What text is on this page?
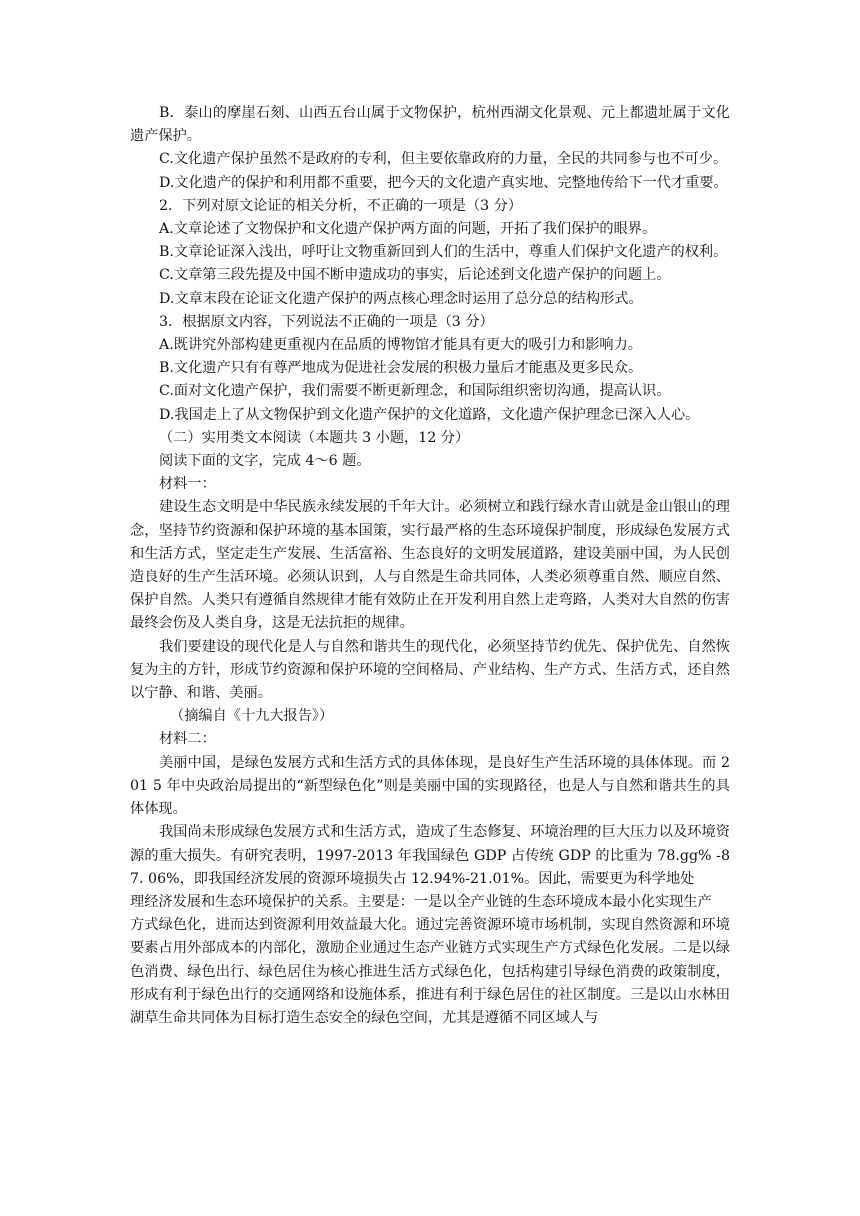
B．泰山的摩崖石刻、山西五台山属于文物保护，杭州西湖文化景观、元上都遗址属于文化遗产保护。

C.文化遗产保护虽然不是政府的专利，但主要依靠政府的力量，全民的共同参与也不可少。

D.文化遗产的保护和利用都不重要，把今天的文化遗产真实地、完整地传给下一代才重要。

2．下列对原文论证的相关分析，不正确的一项是（3 分）

A.文章论述了文物保护和文化遗产保护两方面的问题，开拓了我们保护的眼界。

B.文章论证深入浅出，呼吁让文物重新回到人们的生活中，尊重人们保护文化遗产的权利。

C.文章第三段先提及中国不断申遗成功的事实，后论述到文化遗产保护的问题上。

D.文章末段在论证文化遗产保护的两点核心理念时运用了总分总的结构形式。

3．根据原文内容，下列说法不正确的一项是（3 分）

A.既讲究外部构建更重视内在品质的博物馆才能具有更大的吸引力和影响力。

B.文化遗产只有有尊严地成为促进社会发展的积极力量后才能惠及更多民众。

C.面对文化遗产保护，我们需要不断更新理念，和国际组织密切沟通，提高认识。

D.我国走上了从文物保护到文化遗产保护的文化道路，文化遗产保护理念已深入人心。

（二）实用类文本阅读（本题共 3 小题，12 分）

阅读下面的文字，完成 4～6 题。

材料一：

建设生态文明是中华民族永续发展的千年大计。必须树立和践行绿水青山就是金山银山的理念，坚持节约资源和保护环境的基本国策，实行最严格的生态环境保护制度，形成绿色发展方式和生活方式，坚定走生产发展、生活富裕、生态良好的文明发展道路，建设美丽中国，为人民创造良好的生产生活环境。必须认识到，人与自然是生命共同体，人类必须尊重自然、顺应自然、保护自然。人类只有遵循自然规律才能有效防止在开发利用自然上走弯路，人类对大自然的伤害最终会伤及人类自身，这是无法抗拒的规律。

我们要建设的现代化是人与自然和谐共生的现代化，必须坚持节约优先、保护优先、自然恢复为主的方针，形成节约资源和保护环境的空间格局、产业结构、生产方式、生活方式，还自然以宁静、和谐、美丽。

（摘编自《十九大报告》）

材料二：

美丽中国，是绿色发展方式和生活方式的具体体现，是良好生产生活环境的具体体现。而 201 5 年中央政治局提出的“新型绿色化”则是美丽中国的实现路径，也是人与自然和谐共生的具体体现。

我国尚未形成绿色发展方式和生活方式，造成了生态修复、环境治理的巨大压力以及环境资源的重大损失。有研究表明，1997-2013 年我国绿色 GDP 占传统 GDP 的比重为 78.gg% -87. 06%，即我国经济发展的资源环境损失占 12.94%-21.01%。因此，需要更为科学地处

理经济发展和生态环境保护的关系。主要是：一是以全产业链的生态环境成本最小化实现生产

方式绿色化，进而达到资源利用效益最大化。通过完善资源环境市场机制，实现自然资源和环境要素占用外部成本的内部化，激励企业通过生态产业链方式实现生产方式绿色化发展。二是以绿色消费、绿色出行、绿色居住为核心推进生活方式绿色化，包括构建引导绿色消费的政策制度，形成有利于绿色出行的交通网络和设施体系，推进有利于绿色居住的社区制度。三是以山水林田湖草生命共同体为目标打造生态安全的绿色空间，尤其是遵循不同区域人与
